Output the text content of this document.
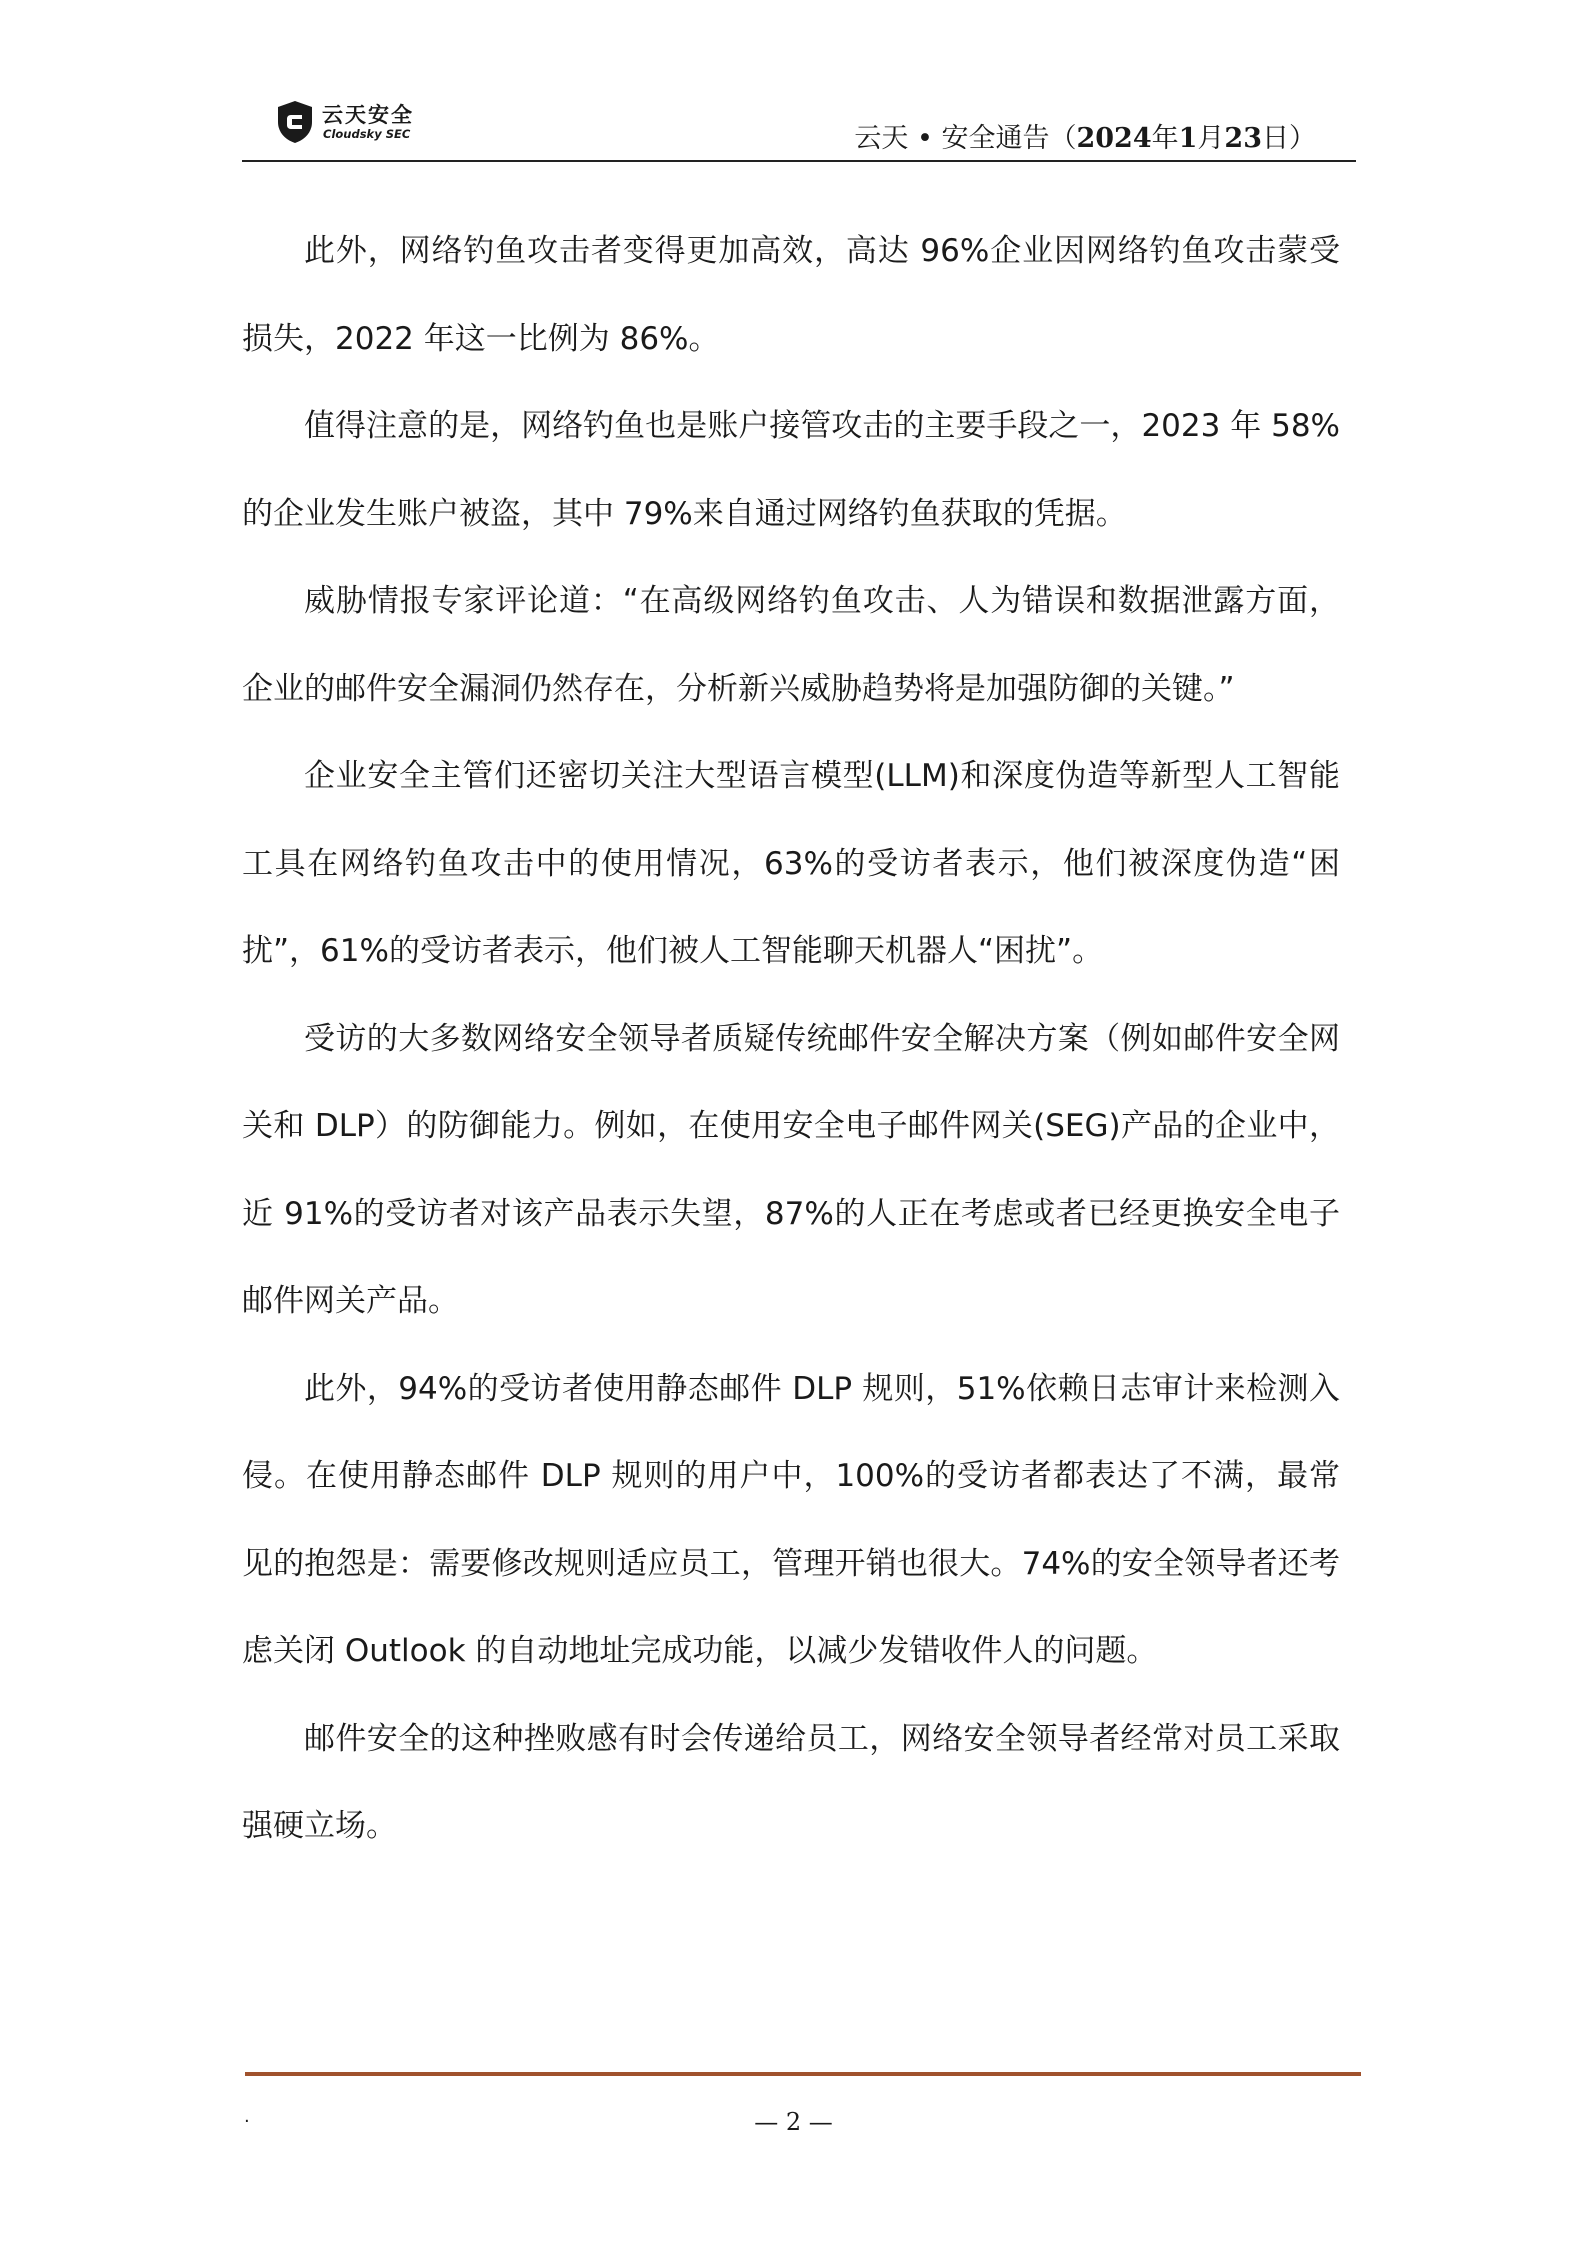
云天安全
Cloudsky SEC	云天 • 安全通告（2024年1月23日）

此外，网络钓鱼攻击者变得更加高效，高达 96%企业因网络钓鱼攻击蒙受损失，2022 年这一比例为 86%。

值得注意的是，网络钓鱼也是账户接管攻击的主要手段之一，2023 年 58%的企业发生账户被盗，其中 79%来自通过网络钓鱼获取的凭据。

威胁情报专家评论道：“在高级网络钓鱼攻击、人为错误和数据泄露方面，企业的邮件安全漏洞仍然存在，分析新兴威胁趋势将是加强防御的关键。”

企业安全主管们还密切关注大型语言模型(LLM)和深度伪造等新型人工智能工具在网络钓鱼攻击中的使用情况，63%的受访者表示，他们被深度伪造“困扰”，61%的受访者表示，他们被人工智能聊天机器人“困扰”。

受访的大多数网络安全领导者质疑传统邮件安全解决方案（例如邮件安全网关和 DLP）的防御能力。例如，在使用安全电子邮件网关(SEG)产品的企业中，近 91%的受访者对该产品表示失望，87%的人正在考虑或者已经更换安全电子邮件网关产品。

此外，94%的受访者使用静态邮件 DLP 规则，51%依赖日志审计来检测入侵。在使用静态邮件 DLP 规则的用户中，100%的受访者都表达了不满，最常见的抱怨是：需要修改规则适应员工，管理开销也很大。74%的安全领导者还考虑关闭 Outlook 的自动地址完成功能，以减少发错收件人的问题。

邮件安全的这种挫败感有时会传递给员工，网络安全领导者经常对员工采取强硬立场。

.	— 2 —
